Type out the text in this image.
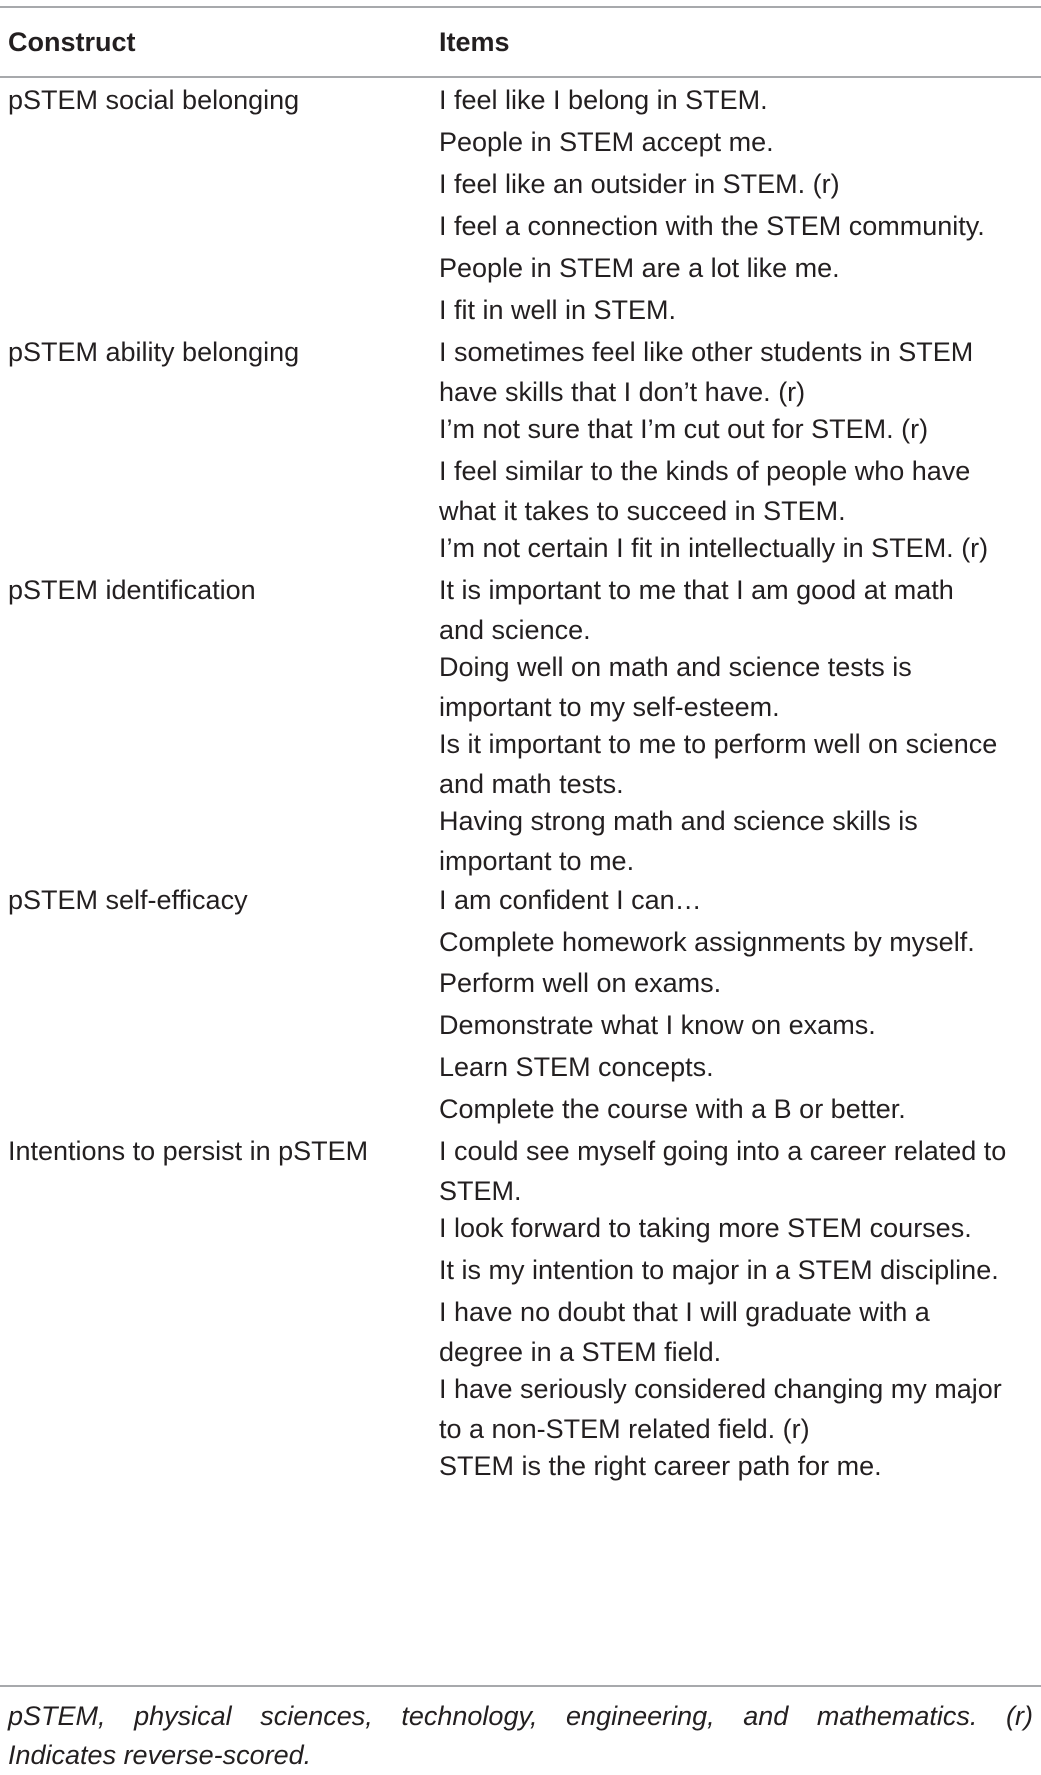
Construct	Items
pSTEM social belonging
pSTEM ability belonging
pSTEM identification
pSTEM self-efficacy
Intentions to persist in pSTEM
I feel like I belong in STEM.
People in STEM accept me.
I feel like an outsider in STEM. (r)
I feel a connection with the STEM community.
People in STEM are a lot like me.
I fit in well in STEM.
I sometimes feel like other students in STEM
have skills that I don’t have. (r)
I’m not sure that I’m cut out for STEM. (r)
I feel similar to the kinds of people who have
what it takes to succeed in STEM.
I’m not certain I fit in intellectually in STEM. (r)
It is important to me that I am good at math
and science.
Doing well on math and science tests is
important to my self-esteem.
Is it important to me to perform well on science
and math tests.
Having strong math and science skills is
important to me.
I am confident I can…
Complete homework assignments by myself.
Perform well on exams.
Demonstrate what I know on exams.
Learn STEM concepts.
Complete the course with a B or better.
I could see myself going into a career related to
STEM.
I look forward to taking more STEM courses.
It is my intention to major in a STEM discipline.
I have no doubt that I will graduate with a
degree in a STEM field.
I have seriously considered changing my major
to a non-STEM related field. (r)
STEM is the right career path for me.
pSTEM, physical sciences, technology, engineering, and mathematics. (r)
Indicates reverse-scored.
